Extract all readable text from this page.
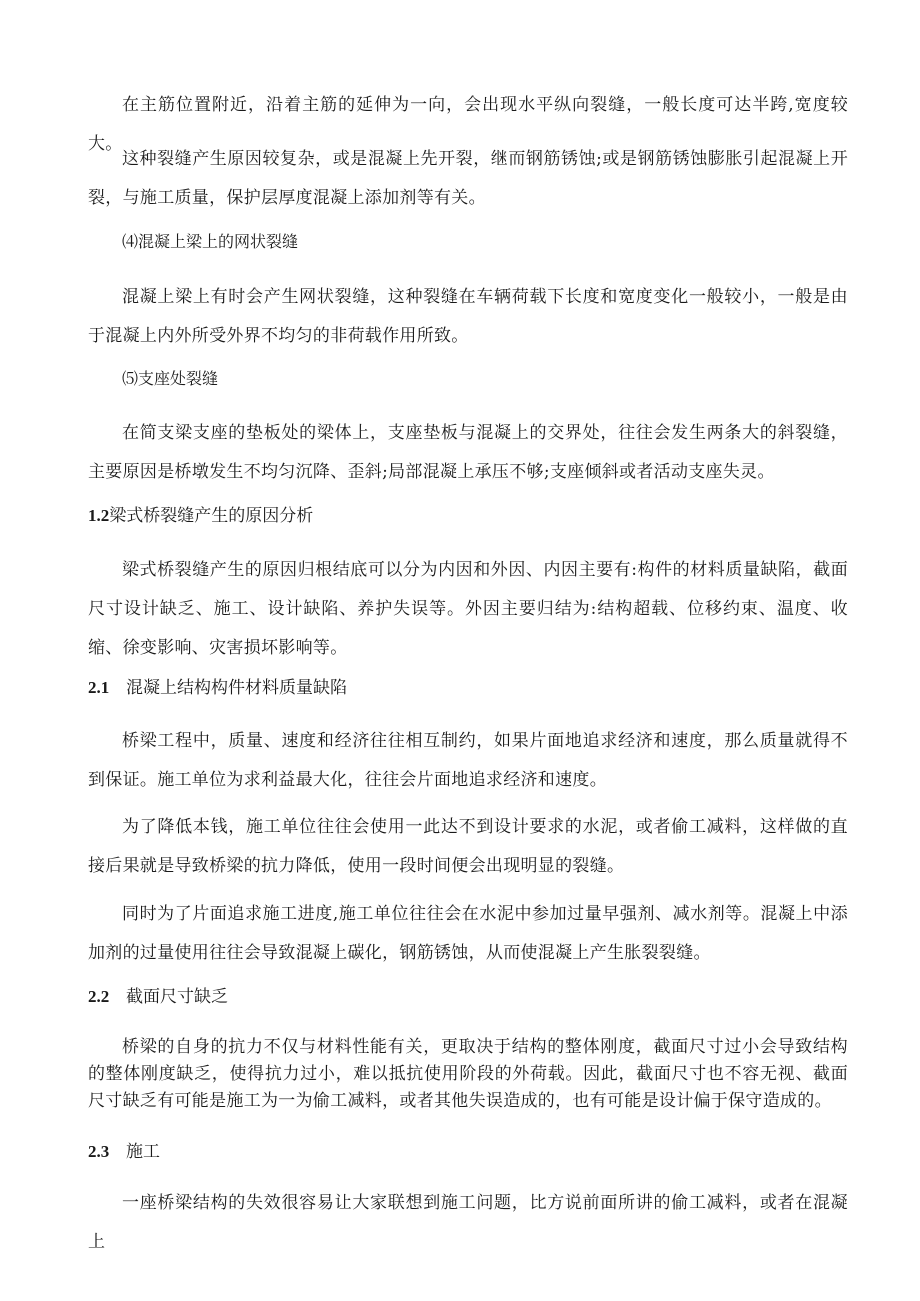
在主筋位置附近，沿着主筋的延伸为一向，会出现水平纵向裂缝，一般长度可达半跨,宽度较大。

这种裂缝产生原因较复杂，或是混凝上先开裂，继而钢筋锈蚀;或是钢筋锈蚀膨胀引起混凝上开裂，与施工质量，保护层厚度混凝上添加剂等有关。

⑷混凝上梁上的网状裂缝

混凝上梁上有时会产生网状裂缝，这种裂缝在车辆荷载下长度和宽度变化一般较小，一般是由于混凝上内外所受外界不均匀的非荷载作用所致。

⑸支座处裂缝

在简支梁支座的垫板处的梁体上，支座垫板与混凝上的交界处，往往会发生两条大的斜裂缝，主要原因是桥墩发生不均匀沉降、歪斜;局部混凝上承压不够;支座倾斜或者活动支座失灵。

1.2梁式桥裂缝产生的原因分析

梁式桥裂缝产生的原因归根结底可以分为内因和外因、内因主要有:构件的材料质量缺陷，截面尺寸设计缺乏、施工、设计缺陷、养护失误等。外因主要归结为:结构超载、位移约束、温度、收缩、徐变影响、灾害损坏影响等。

2.1 混凝上结构构件材料质量缺陷

桥梁工程中，质量、速度和经济往往相互制约，如果片面地追求经济和速度，那么质量就得不到保证。施工单位为求利益最大化，往往会片面地追求经济和速度。

为了降低本钱，施工单位往往会使用一此达不到设计要求的水泥，或者偷工减料，这样做的直接后果就是导致桥梁的抗力降低，使用一段时间便会出现明显的裂缝。

同时为了片面追求施工进度,施工单位往往会在水泥中参加过量早强剂、减水剂等。混凝上中添加剂的过量使用往往会导致混凝上碳化，钢筋锈蚀，从而使混凝上产生胀裂裂缝。

2.2 截面尺寸缺乏

桥梁的自身的抗力不仅与材料性能有关，更取决于结构的整体刚度，截面尺寸过小会导致结构的整体刚度缺乏，使得抗力过小，难以抵抗使用阶段的外荷载。因此，截面尺寸也不容无视、截面尺寸缺乏有可能是施工为一为偷工减料，或者其他失误造成的，也有可能是设计偏于保守造成的。

2.3 施工

一座桥梁结构的失效很容易让大家联想到施工问题，比方说前面所讲的偷工减料，或者在混凝上
